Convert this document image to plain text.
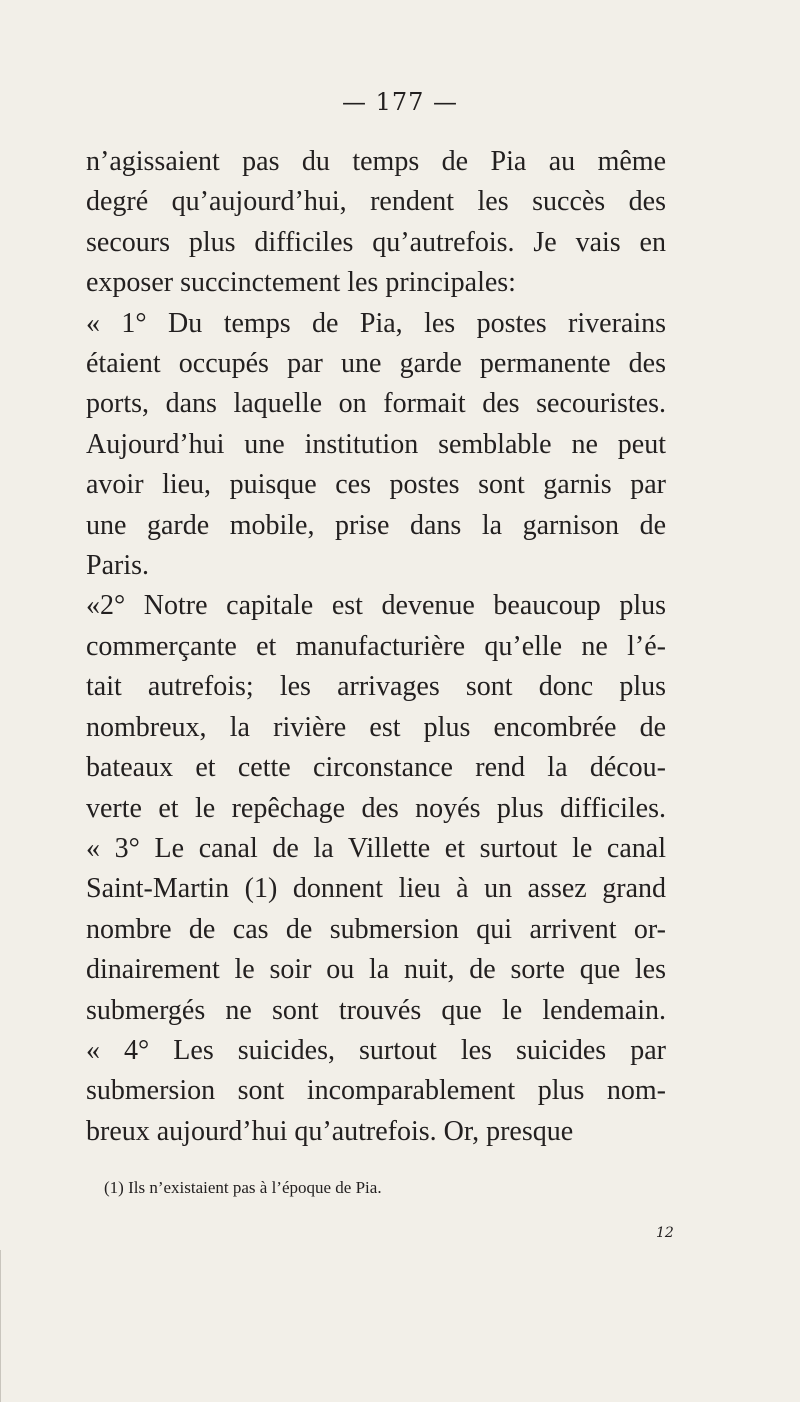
— 177 —
n’agissaient pas du temps de Pia au même
degré qu’aujourd’hui, rendent les succès des
secours plus difficiles qu’autrefois. Je vais en
exposer succinctement les principales:
« 1° Du temps de Pia, les postes riverains
étaient occupés par une garde permanente des
ports, dans laquelle on formait des secouristes.
Aujourd’hui une institution semblable ne peut
avoir lieu, puisque ces postes sont garnis par
une garde mobile, prise dans la garnison de
Paris.
«2° Notre capitale est devenue beaucoup plus
commerçante et manufacturière qu’elle ne l’é-
tait autrefois; les arrivages sont donc plus
nombreux, la rivière est plus encombrée de
bateaux et cette circonstance rend la décou-
verte et le repêchage des noyés plus difficiles.
« 3° Le canal de la Villette et surtout le canal
Saint-Martin (1) donnent lieu à un assez grand
nombre de cas de submersion qui arrivent or-
dinairement le soir ou la nuit, de sorte que les
submergés ne sont trouvés que le lendemain.
« 4° Les suicides, surtout les suicides par
submersion sont incomparablement plus nom-
breux aujourd’hui qu’autrefois. Or, presque
(1) Ils n’existaient pas à l’époque de Pia.
12
